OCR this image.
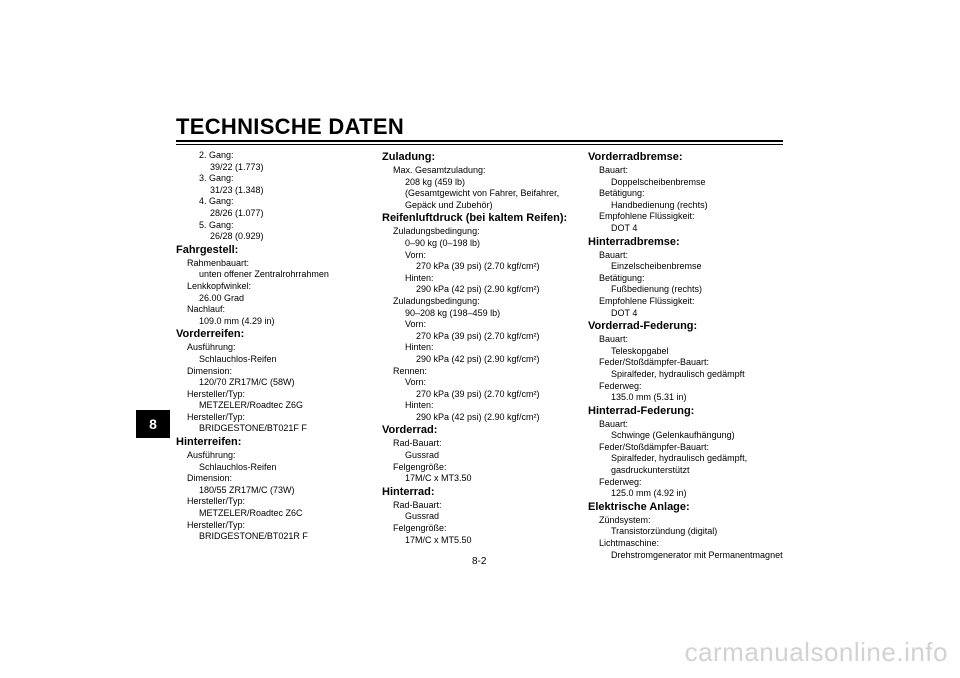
TECHNISCHE DATEN
8
2. Gang:
39/22 (1.773)
3. Gang:
31/23 (1.348)
4. Gang:
28/26 (1.077)
5. Gang:
26/28 (0.929)
Fahrgestell:
Rahmenbauart:
unten offener Zentralrohrrahmen
Lenkkopfwinkel:
26.00 Grad
Nachlauf:
109.0 mm (4.29 in)
Vorderreifen:
Ausführung:
Schlauchlos-Reifen
Dimension:
120/70 ZR17M/C (58W)
Hersteller/Typ:
METZELER/Roadtec Z6G
Hersteller/Typ:
BRIDGESTONE/BT021F F
Hinterreifen:
Ausführung:
Schlauchlos-Reifen
Dimension:
180/55 ZR17M/C (73W)
Hersteller/Typ:
METZELER/Roadtec Z6C
Hersteller/Typ:
BRIDGESTONE/BT021R F
Zuladung:
Max. Gesamtzuladung:
208 kg (459 lb)
(Gesamtgewicht von Fahrer, Beifahrer,
Gepäck und Zubehör)
Reifenluftdruck (bei kaltem Reifen):
Zuladungsbedingung:
0–90 kg (0–198 lb)
Vorn:
270 kPa (39 psi) (2.70 kgf/cm²)
Hinten:
290 kPa (42 psi) (2.90 kgf/cm²)
Zuladungsbedingung:
90–208 kg (198–459 lb)
Vorn:
270 kPa (39 psi) (2.70 kgf/cm²)
Hinten:
290 kPa (42 psi) (2.90 kgf/cm²)
Rennen:
Vorn:
270 kPa (39 psi) (2.70 kgf/cm²)
Hinten:
290 kPa (42 psi) (2.90 kgf/cm²)
Vorderrad:
Rad-Bauart:
Gussrad
Felgengröße:
17M/C x MT3.50
Hinterrad:
Rad-Bauart:
Gussrad
Felgengröße:
17M/C x MT5.50
Vorderradbremse:
Bauart:
Doppelscheibenbremse
Betätigung:
Handbedienung (rechts)
Empfohlene Flüssigkeit:
DOT 4
Hinterradbremse:
Bauart:
Einzelscheibenbremse
Betätigung:
Fußbedienung (rechts)
Empfohlene Flüssigkeit:
DOT 4
Vorderrad-Federung:
Bauart:
Teleskopgabel
Feder/Stoßdämpfer-Bauart:
Spiralfeder, hydraulisch gedämpft
Federweg:
135.0 mm (5.31 in)
Hinterrad-Federung:
Bauart:
Schwinge (Gelenkaufhängung)
Feder/Stoßdämpfer-Bauart:
Spiralfeder, hydraulisch gedämpft,
gasdruckunterstützt
Federweg:
125.0 mm (4.92 in)
Elektrische Anlage:
Zündsystem:
Transistorzündung (digital)
Lichtmaschine:
Drehstromgenerator mit Permanentmagnet
8-2
carmanualsonline.info
